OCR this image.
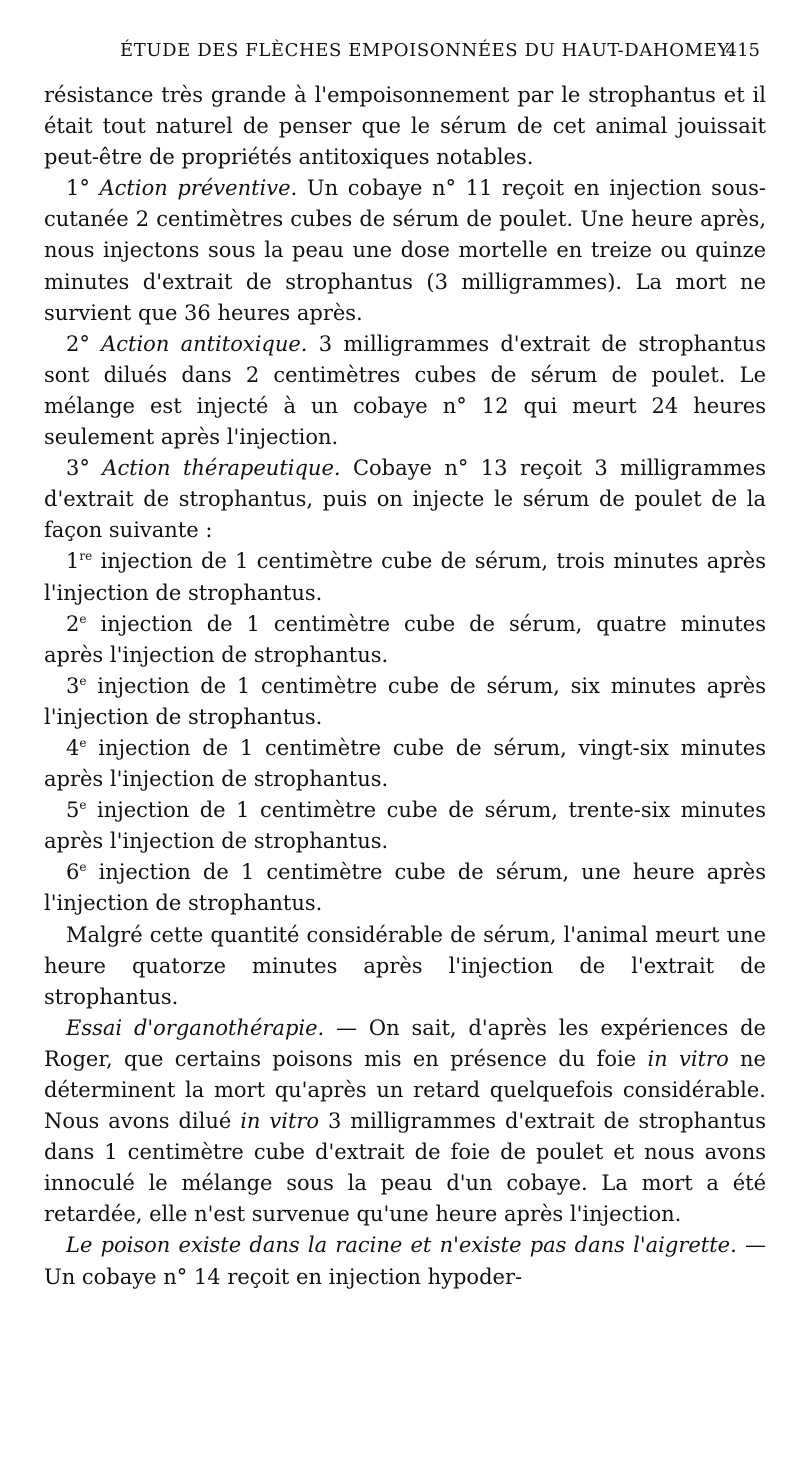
ÉTUDE DES FLÈCHES EMPOISONNÉES DU HAUT-DAHOMEY.
415

résistance très grande à l'empoisonnement par le strophantus et il était tout naturel de penser que le sérum de cet animal jouissait peut-être de propriétés antitoxiques notables.

1° Action préventive. Un cobaye n° 11 reçoit en injection sous-cutanée 2 centimètres cubes de sérum de poulet. Une heure après, nous injectons sous la peau une dose mortelle en treize ou quinze minutes d'extrait de strophantus (3 milligrammes). La mort ne survient que 36 heures après.

2° Action antitoxique. 3 milligrammes d'extrait de strophantus sont dilués dans 2 centimètres cubes de sérum de poulet. Le mélange est injecté à un cobaye n° 12 qui meurt 24 heures seulement après l'injection.

3° Action thérapeutique. Cobaye n° 13 reçoit 3 milligrammes d'extrait de strophantus, puis on injecte le sérum de poulet de la façon suivante :

1re injection de 1 centimètre cube de sérum, trois minutes après l'injection de strophantus.

2e injection de 1 centimètre cube de sérum, quatre minutes après l'injection de strophantus.

3e injection de 1 centimètre cube de sérum, six minutes après l'injection de strophantus.

4e injection de 1 centimètre cube de sérum, vingt-six minutes après l'injection de strophantus.

5e injection de 1 centimètre cube de sérum, trente-six minutes après l'injection de strophantus.

6e injection de 1 centimètre cube de sérum, une heure après l'injection de strophantus.

Malgré cette quantité considérable de sérum, l'animal meurt une heure quatorze minutes après l'injection de l'extrait de strophantus.

Essai d'organothérapie. — On sait, d'après les expériences de Roger, que certains poisons mis en présence du foie in vitro ne déterminent la mort qu'après un retard quelquefois considérable. Nous avons dilué in vitro 3 milligrammes d'extrait de strophantus dans 1 centimètre cube d'extrait de foie de poulet et nous avons innoculé le mélange sous la peau d'un cobaye. La mort a été retardée, elle n'est survenue qu'une heure après l'injection.

Le poison existe dans la racine et n'existe pas dans l'aigrette. — Un cobaye n° 14 reçoit en injection hypoder-
